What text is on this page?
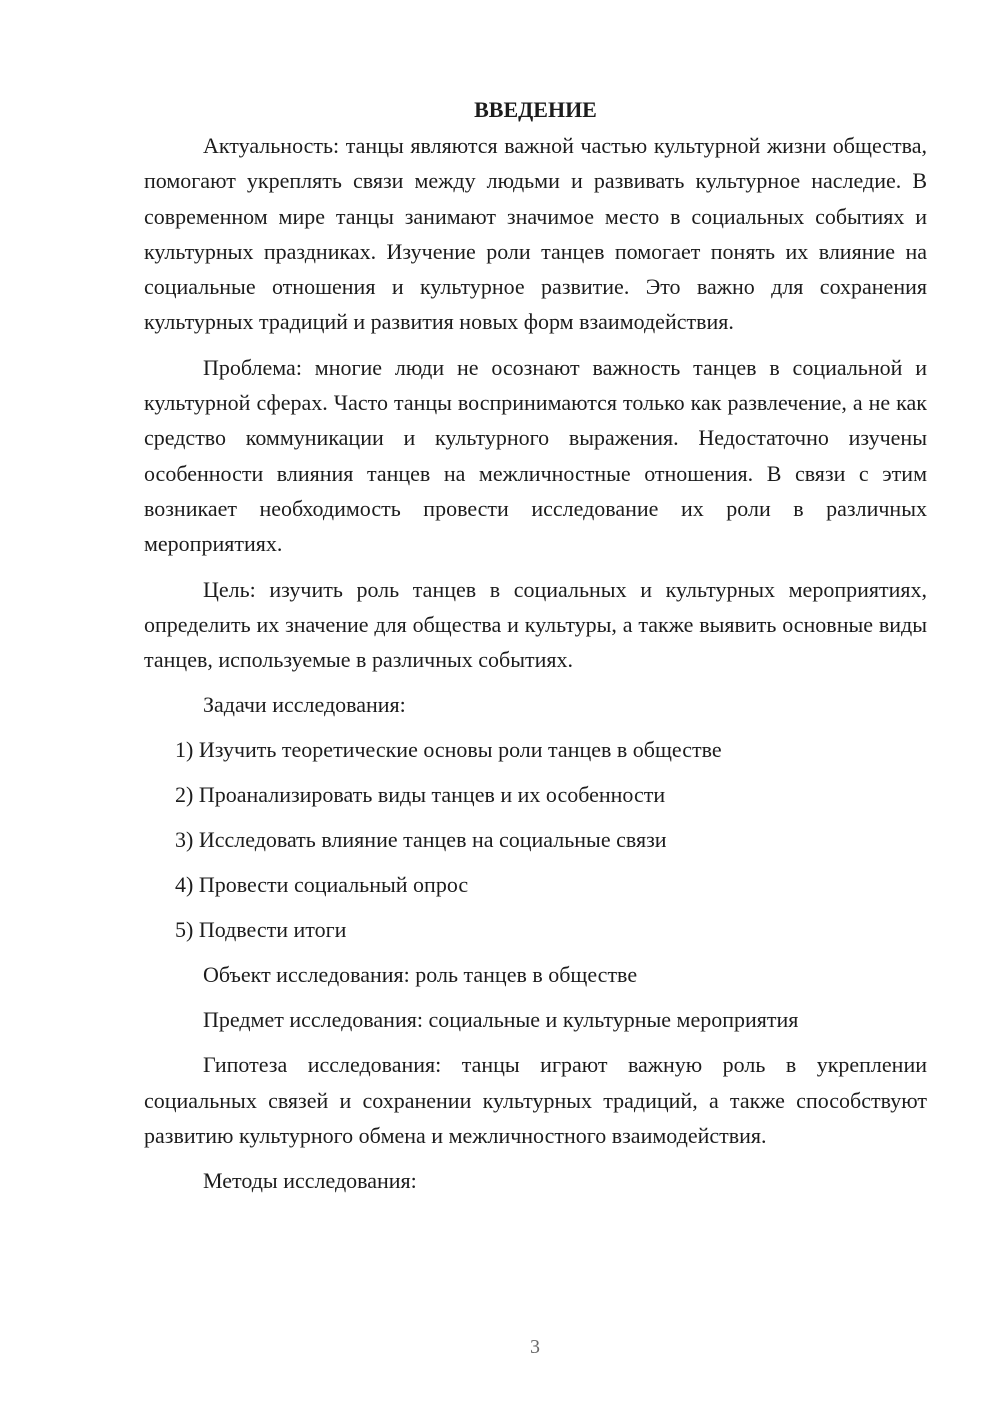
ВВЕДЕНИЕ

Актуальность: танцы являются важной частью культурной жизни общества, помогают укреплять связи между людьми и развивать культурное наследие. В современном мире танцы занимают значимое место в социальных событиях и культурных праздниках. Изучение роли танцев помогает понять их влияние на социальные отношения и культурное развитие. Это важно для сохранения культурных традиций и развития новых форм взаимодействия.

Проблема: многие люди не осознают важность танцев в социальной и культурной сферах. Часто танцы воспринимаются только как развлечение, а не как средство коммуникации и культурного выражения. Недостаточно изучены особенности влияния танцев на межличностные отношения. В связи с этим возникает необходимость провести исследование их роли в различных мероприятиях.

Цель: изучить роль танцев в социальных и культурных мероприятиях, определить их значение для общества и культуры, а также выявить основные виды танцев, используемые в различных событиях.

Задачи исследования:

1) Изучить теоретические основы роли танцев в обществе

2) Проанализировать виды танцев и их особенности

3) Исследовать влияние танцев на социальные связи

4) Провести социальный опрос

5) Подвести итоги

Объект исследования: роль танцев в обществе

Предмет исследования: социальные и культурные мероприятия

Гипотеза исследования: танцы играют важную роль в укреплении социальных связей и сохранении культурных традиций, а также способствуют развитию культурного обмена и межличностного взаимодействия.

Методы исследования:

3
